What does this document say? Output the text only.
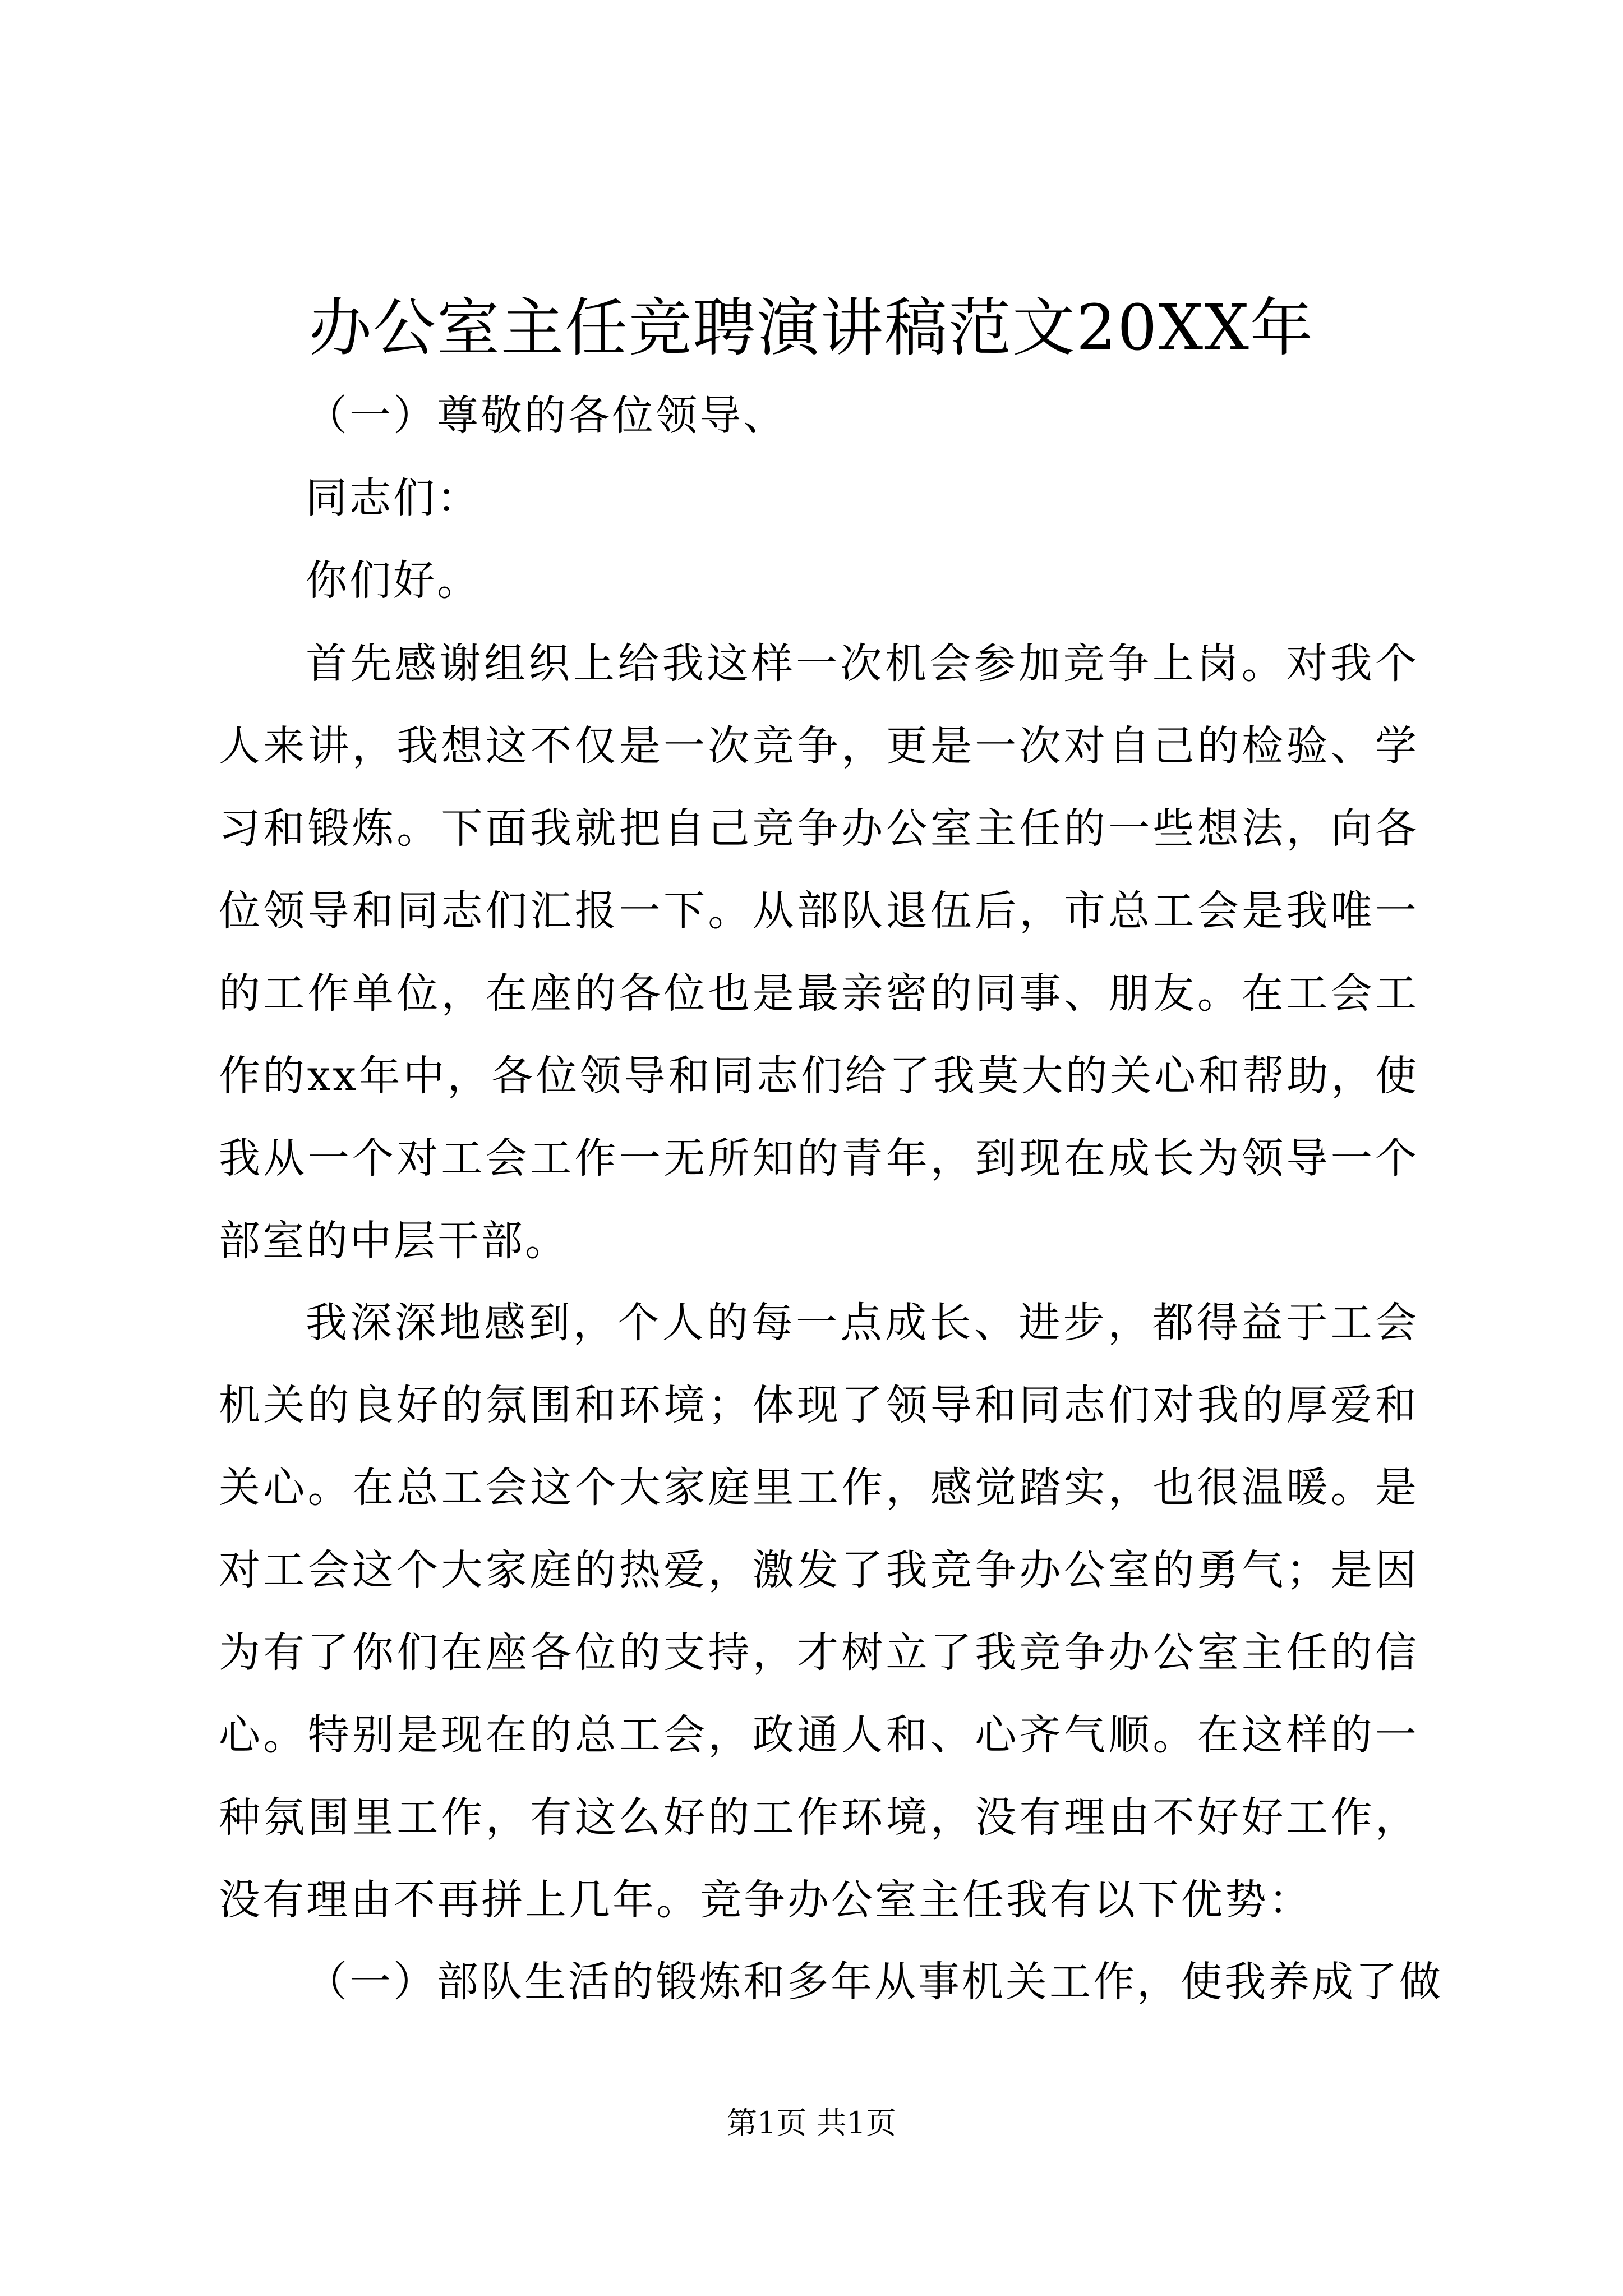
办公室主任竞聘演讲稿范文20XX年

（一）尊敬的各位领导、

同志们：

你们好。

首先感谢组织上给我这样一次机会参加竞争上岗。对我个人来讲，我想这不仅是一次竞争，更是一次对自己的检验、学习和锻炼。下面我就把自己竞争办公室主任的一些想法，向各位领导和同志们汇报一下。从部队退伍后，市总工会是我唯一的工作单位，在座的各位也是最亲密的同事、朋友。在工会工作的xx年中，各位领导和同志们给了我莫大的关心和帮助，使我从一个对工会工作一无所知的青年，到现在成长为领导一个部室的中层干部。

我深深地感到，个人的每一点成长、进步，都得益于工会机关的良好的氛围和环境；体现了领导和同志们对我的厚爱和关心。在总工会这个大家庭里工作，感觉踏实，也很温暖。是对工会这个大家庭的热爱，激发了我竞争办公室的勇气；是因为有了你们在座各位的支持，才树立了我竞争办公室主任的信心。特别是现在的总工会，政通人和、心齐气顺。在这样的一种氛围里工作，有这么好的工作环境，没有理由不好好工作，没有理由不再拼上几年。竞争办公室主任我有以下优势：

（一）部队生活的锻炼和多年从事机关工作，使我养成了做

第1页 共1页
